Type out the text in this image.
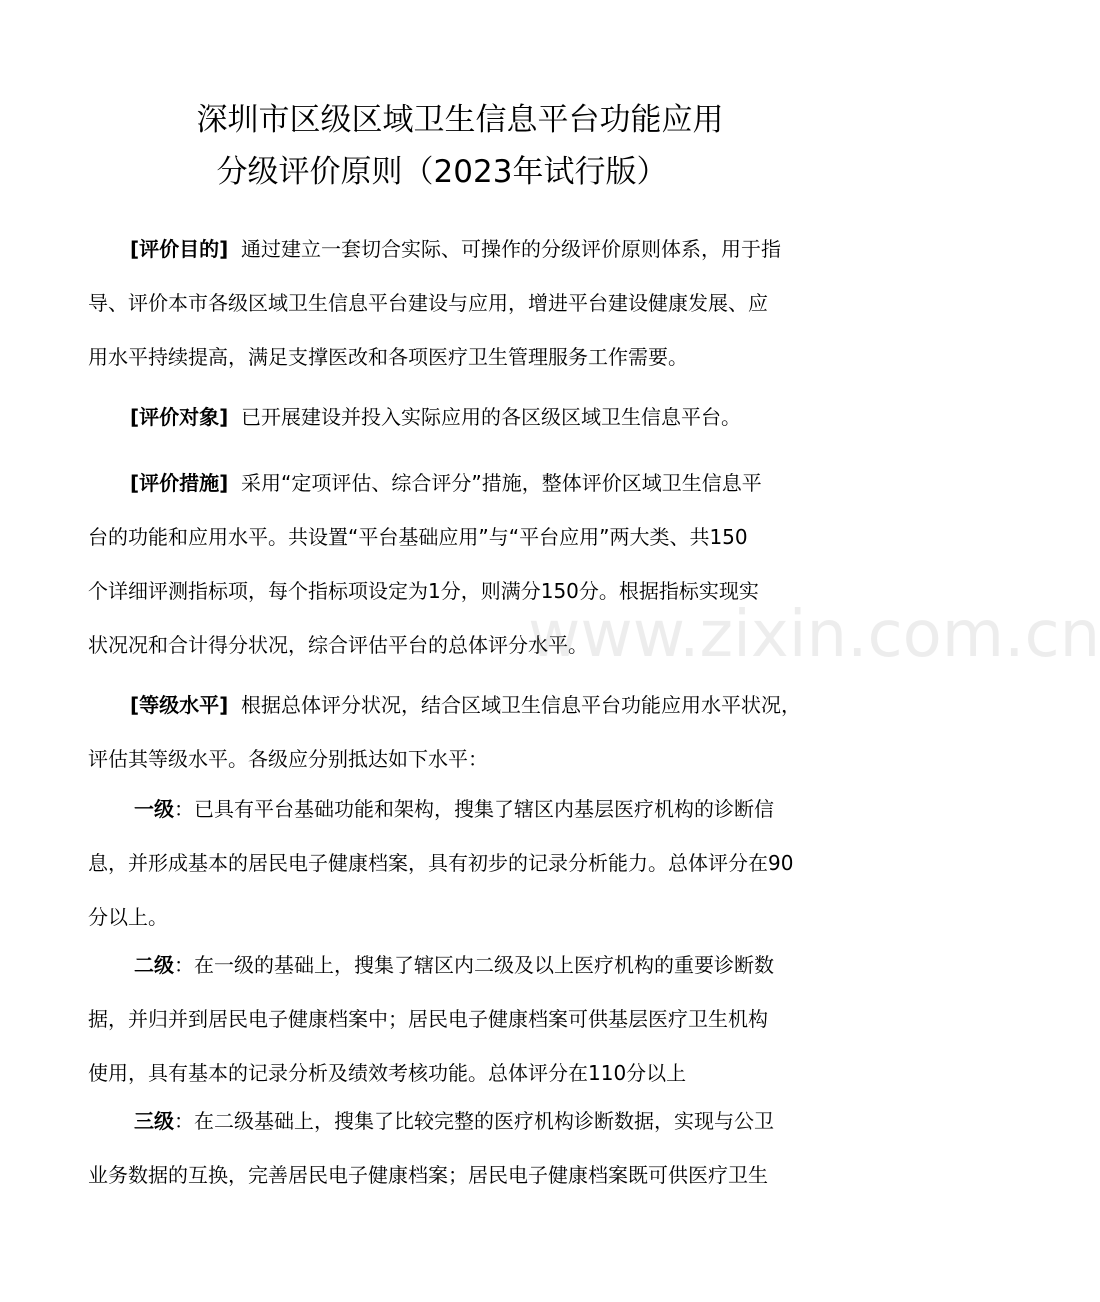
深圳市区级区域卫生信息平台功能应用
分级评价原则（2023年试行版）
[评价目的] 通过建立一套切合实际、可操作的分级评价原则体系，用于指
导、评价本市各级区域卫生信息平台建设与应用，增进平台建设健康发展、应
用水平持续提高，满足支撑医改和各项医疗卫生管理服务工作需要。
[评价对象] 已开展建设并投入实际应用的各区级区域卫生信息平台。
[评价措施] 采用“定项评估、综合评分”措施，整体评价区域卫生信息平
台的功能和应用水平。共设置“平台基础应用”与“平台应用”两大类、共150
个详细评测指标项，每个指标项设定为1分，则满分150分。根据指标实现实
状况况和合计得分状况，综合评估平台的总体评分水平。
[等级水平] 根据总体评分状况，结合区域卫生信息平台功能应用水平状况，
评估其等级水平。各级应分别抵达如下水平：
一级：已具有平台基础功能和架构，搜集了辖区内基层医疗机构的诊断信
息，并形成基本的居民电子健康档案，具有初步的记录分析能力。总体评分在90
分以上。
二级：在一级的基础上，搜集了辖区内二级及以上医疗机构的重要诊断数
据，并归并到居民电子健康档案中；居民电子健康档案可供基层医疗卫生机构
使用，具有基本的记录分析及绩效考核功能。总体评分在110分以上
三级：在二级基础上，搜集了比较完整的医疗机构诊断数据，实现与公卫
业务数据的互换，完善居民电子健康档案；居民电子健康档案既可供医疗卫生
www.zixin.com.cn
